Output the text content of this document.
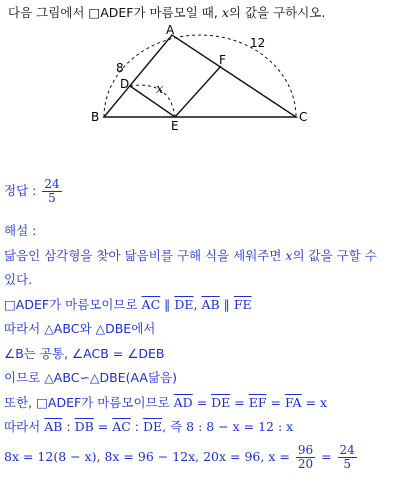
다음 그림에서 □ADEF가 마름모일 때, x의 값을 구하시오.
A
B	C
D
E
F
8
12
x
정답 : $\frac{24}{5}$
해설 :
닮음인 삼각형을 찾아 닮음비를 구해 식을 세워주면 x의 값을 구할 수
있다.
□ADEF가 마름모이므로 $\overline{AC}$ ∥ $\overline{DE}$, $\overline{AB}$ ∥ $\overline{FE}$
따라서 △ABC와 △DBE에서
∠B는 공통, ∠ACB = ∠DEB
이므로 △ABC∽△DBE(AA닮음)
또한, □ADEF가 마름모이므로 $\overline{AD} = \overline{DE} = \overline{EF} = \overline{FA} = x$
따라서 $\overline{AB}$ : $\overline{DB} = \overline{AC}$ : $\overline{DE}$, 즉 8 : 8 − x = 12 : x
8x = 12(8 − x), 8x = 96 − 12x, 20x = 96, $x = \frac{96}{20} = \frac{24}{5}$
